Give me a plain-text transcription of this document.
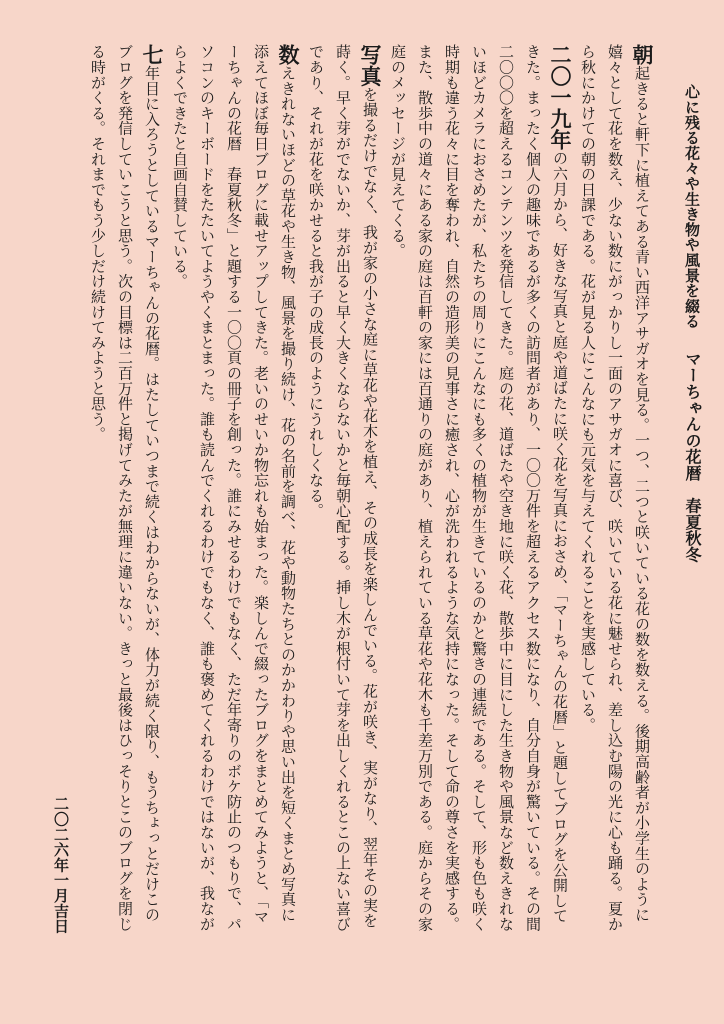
心に残る花々や生き物や風景を綴るマーちゃんの花暦　春夏秋冬

朝起きると軒下に植えてある青い西洋アサガオを見る。一つ、二つと咲いている花の数を数える。後期高齢者が小学生のように嬉々として花を数え、少ない数にがっかりし一面のアサガオに喜び、咲いている花に魅せられ、差し込む陽の光に心も踊る。夏から秋にかけての朝の日課である。花が見る人にこんなにも元気を与えてくれることを実感している。

二〇一九年の六月から、好きな写真と庭や道ばたに咲く花を写真におさめ、「マーちゃんの花暦」と題してブログを公開してきた。まったく個人の趣味であるが多くの訪問者があり、一〇〇万件を超えるアクセス数になり、自分自身が驚いている。その間二〇〇〇を超えるコンテンツを発信してきた。庭の花、道ばたや空き地に咲く花、散歩中に目にした生き物や風景など数えきれないほどカメラにおさめたが、私たちの周りにこんなにも多くの植物が生きているのかと驚きの連続である。そして、形も色も咲く時期も違う花々に目を奪われ、自然の造形美の見事さに癒され、心が洗われるような気持になった。そして命の尊さを実感する。また、散歩中の道々にある家の庭は百軒の家には百通りの庭があり、植えられている草花や花木も千差万別である。庭からその家庭のメッセージが見えてくる。

写真を撮るだけでなく、我が家の小さな庭に草花や花木を植え、その成長を楽しんでいる。花が咲き、実がなり、翌年その実を蒔く。早く芽がでないか、芽が出ると早く大きくならないかと毎朝心配する。挿し木が根付いて芽を出しくれるとこの上ない喜びであり、それが花を咲かせると我が子の成長のようにうれしくなる。

数えきれないほどの草花や生き物、風景を撮り続け、花の名前を調べ、花や動物たちとのかかわりや思い出を短くまとめ写真に添えてほぼ毎日ブログに載せアップしてきた。老いのせいか物忘れも始まった。楽しんで綴ったブログをまとめてみようと、「マーちゃんの花暦　春夏秋冬」と題する一〇〇頁の冊子を創った。誰にみせるわけでもなく、ただ年寄りのボケ防止のつもりで、パソコンのキーボードをたたいてようやくまとまった。誰も読んでくれるわけでもなく、誰も褒めてくれるわけではないが、我ながらよくできたと自画自賛している。

七年目に入ろうとしているマーちゃんの花暦。はたしていつまで続くはわからないが、体力が続く限り、もうちょっとだけこのブログを発信していこうと思う。次の目標は二百万件と掲げてみたが無理に違いない。きっと最後はひっそりとこのブログを閉じる時がくる。それまでもう少しだけ続けてみようと思う。

二〇二六年一月吉日
